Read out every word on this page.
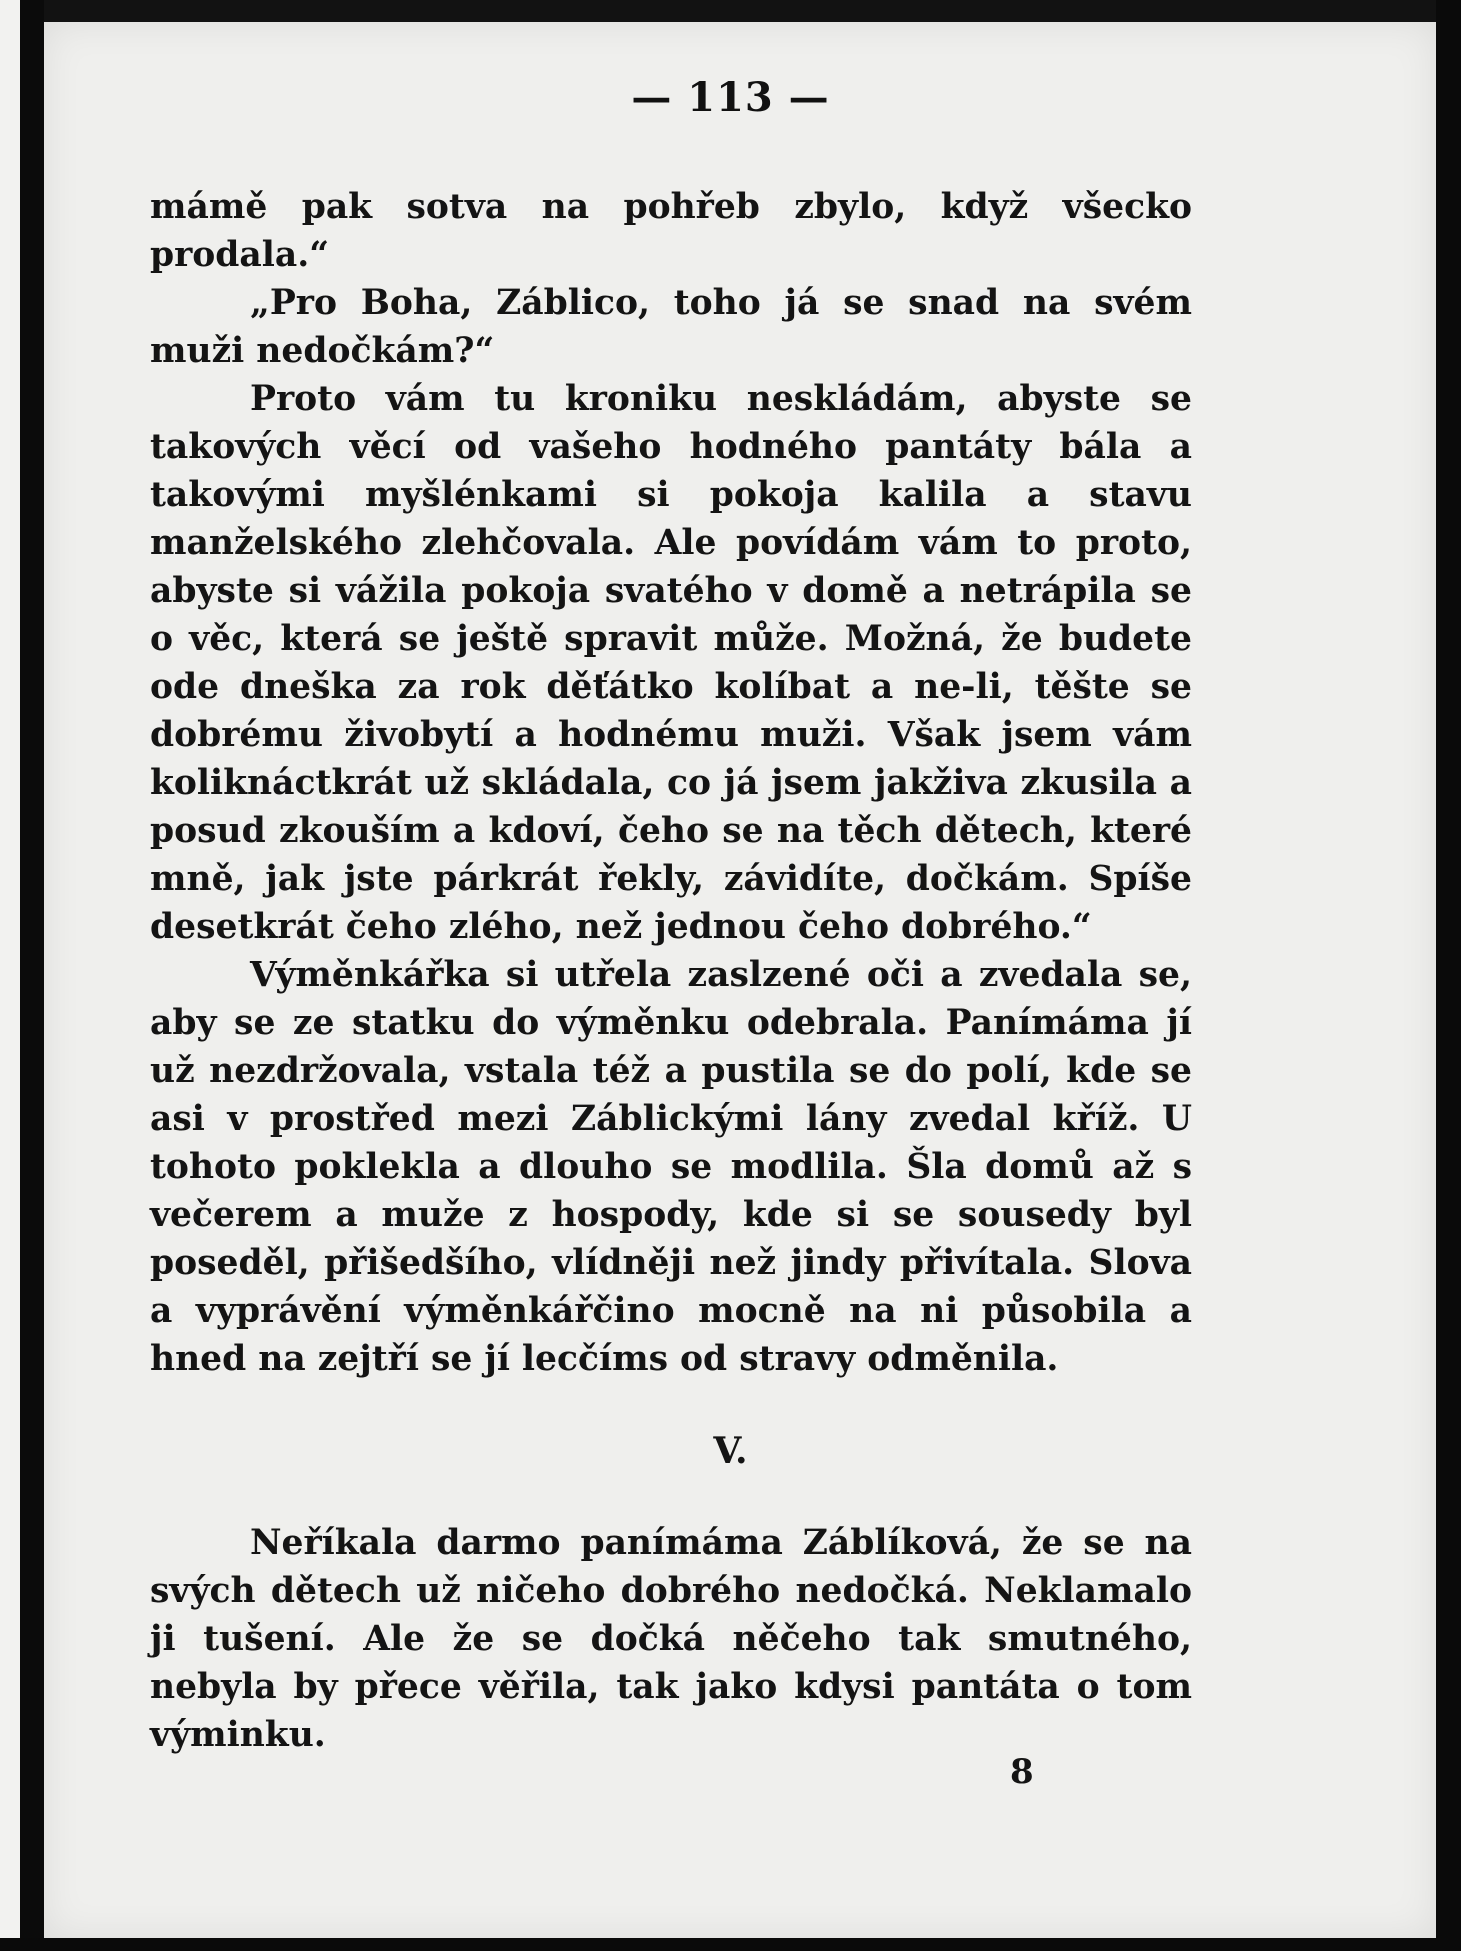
— 113 —

mámě pak sotva na pohřeb zbylo, když všecko prodala.“

„Pro Boha, Záblico, toho já se snad na svém muži nedočkám?“

Proto vám tu kroniku neskládám, abyste se takových věcí od vašeho hodného pantáty bála a takovými myšlénkami si pokoja kalila a stavu manželského zlehčovala. Ale povídám vám to proto, abyste si vážila pokoja svatého v domě a netrápila se o věc, která se ještě spravit může. Možná, že budete ode dneška za rok děťátko kolíbat a ne-li, těšte se dobrému živobytí a hodnému muži. Však jsem vám koliknáctkrát už skládala, co já jsem jakživa zkusila a posud zkouším a kdoví, čeho se na těch dětech, které mně, jak jste párkrát řekly, závidíte, dočkám. Spíše desetkrát čeho zlého, než jednou čeho dobrého.“

Výměnkářka si utřela zaslzené oči a zvedala se, aby se ze statku do výměnku odebrala. Panímáma jí už nezdržovala, vstala též a pustila se do polí, kde se asi v prostřed mezi Záblickými lány zvedal kříž. U tohoto poklekla a dlouho se modlila. Šla domů až s večerem a muže z hospody, kde si se sousedy byl poseděl, přišedšího, vlídněji než jindy přivítala. Slova a vyprávění výměnkářčino mocně na ni působila a hned na zejtří se jí lecčíms od stravy odměnila.

V.

Neříkala darmo panímáma Záblíková, že se na svých dětech už ničeho dobrého nedočká. Neklamalo ji tušení. Ale že se dočká něčeho tak smutného, nebyla by přece věřila, tak jako kdysi pantáta o tom výminku.

8
